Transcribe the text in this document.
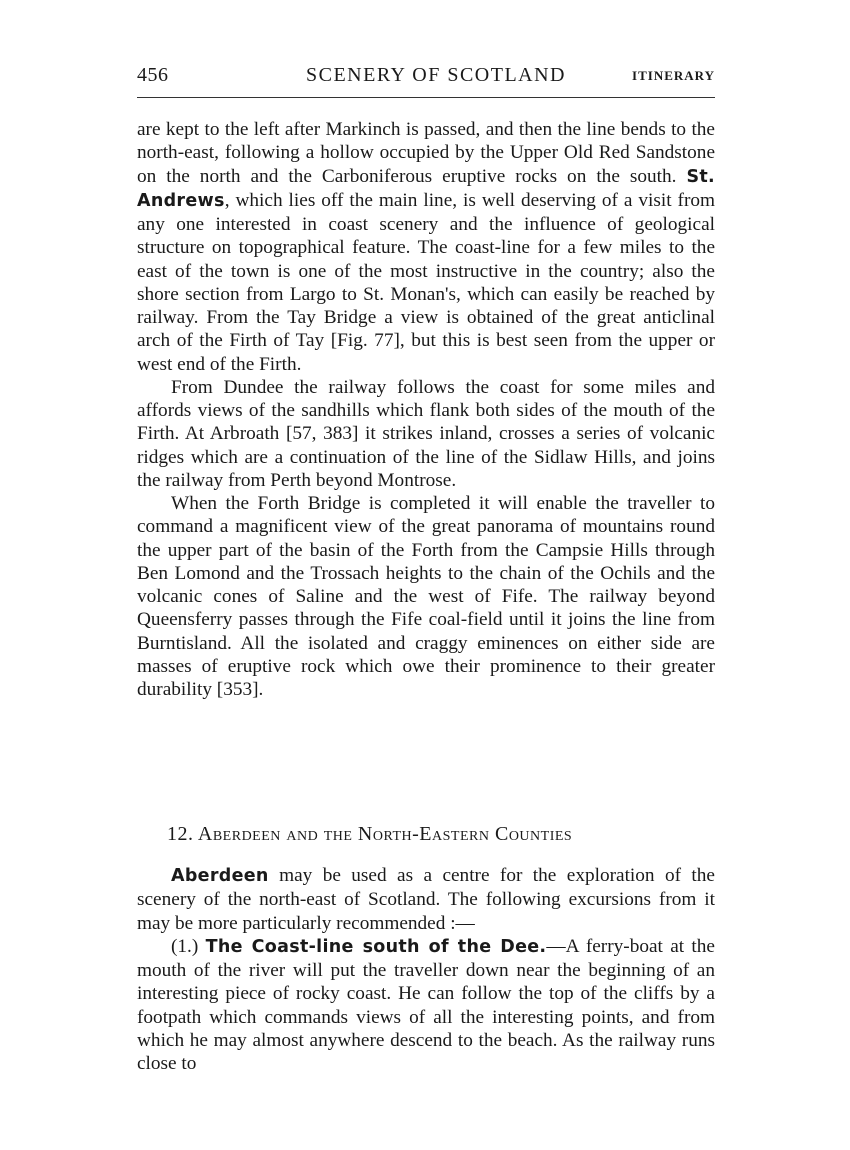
456	SCENERY OF SCOTLAND	ITINERARY

are kept to the left after Markinch is passed, and then the line bends to the north-east, following a hollow occupied by the Upper Old Red Sandstone on the north and the Carboniferous eruptive rocks on the south. St. Andrews, which lies off the main line, is well deserving of a visit from any one interested in coast scenery and the influence of geological structure on topographical feature. The coast-line for a few miles to the east of the town is one of the most instructive in the country; also the shore section from Largo to St. Monan's, which can easily be reached by railway. From the Tay Bridge a view is obtained of the great anticlinal arch of the Firth of Tay [Fig. 77], but this is best seen from the upper or west end of the Firth.

From Dundee the railway follows the coast for some miles and affords views of the sandhills which flank both sides of the mouth of the Firth. At Arbroath [57, 383] it strikes inland, crosses a series of volcanic ridges which are a continuation of the line of the Sidlaw Hills, and joins the railway from Perth beyond Montrose.

When the Forth Bridge is completed it will enable the traveller to command a magnificent view of the great panorama of mountains round the upper part of the basin of the Forth from the Campsie Hills through Ben Lomond and the Trossach heights to the chain of the Ochils and the volcanic cones of Saline and the west of Fife. The railway beyond Queensferry passes through the Fife coal-field until it joins the line from Burntisland. All the isolated and craggy eminences on either side are masses of eruptive rock which owe their prominence to their greater durability [353].

12. Aberdeen and the North-Eastern Counties

Aberdeen may be used as a centre for the exploration of the scenery of the north-east of Scotland. The following excursions from it may be more particularly recommended :—

(1.) The Coast-line south of the Dee.—A ferry-boat at the mouth of the river will put the traveller down near the beginning of an interesting piece of rocky coast. He can follow the top of the cliffs by a footpath which commands views of all the interesting points, and from which he may almost anywhere descend to the beach. As the railway runs close to
